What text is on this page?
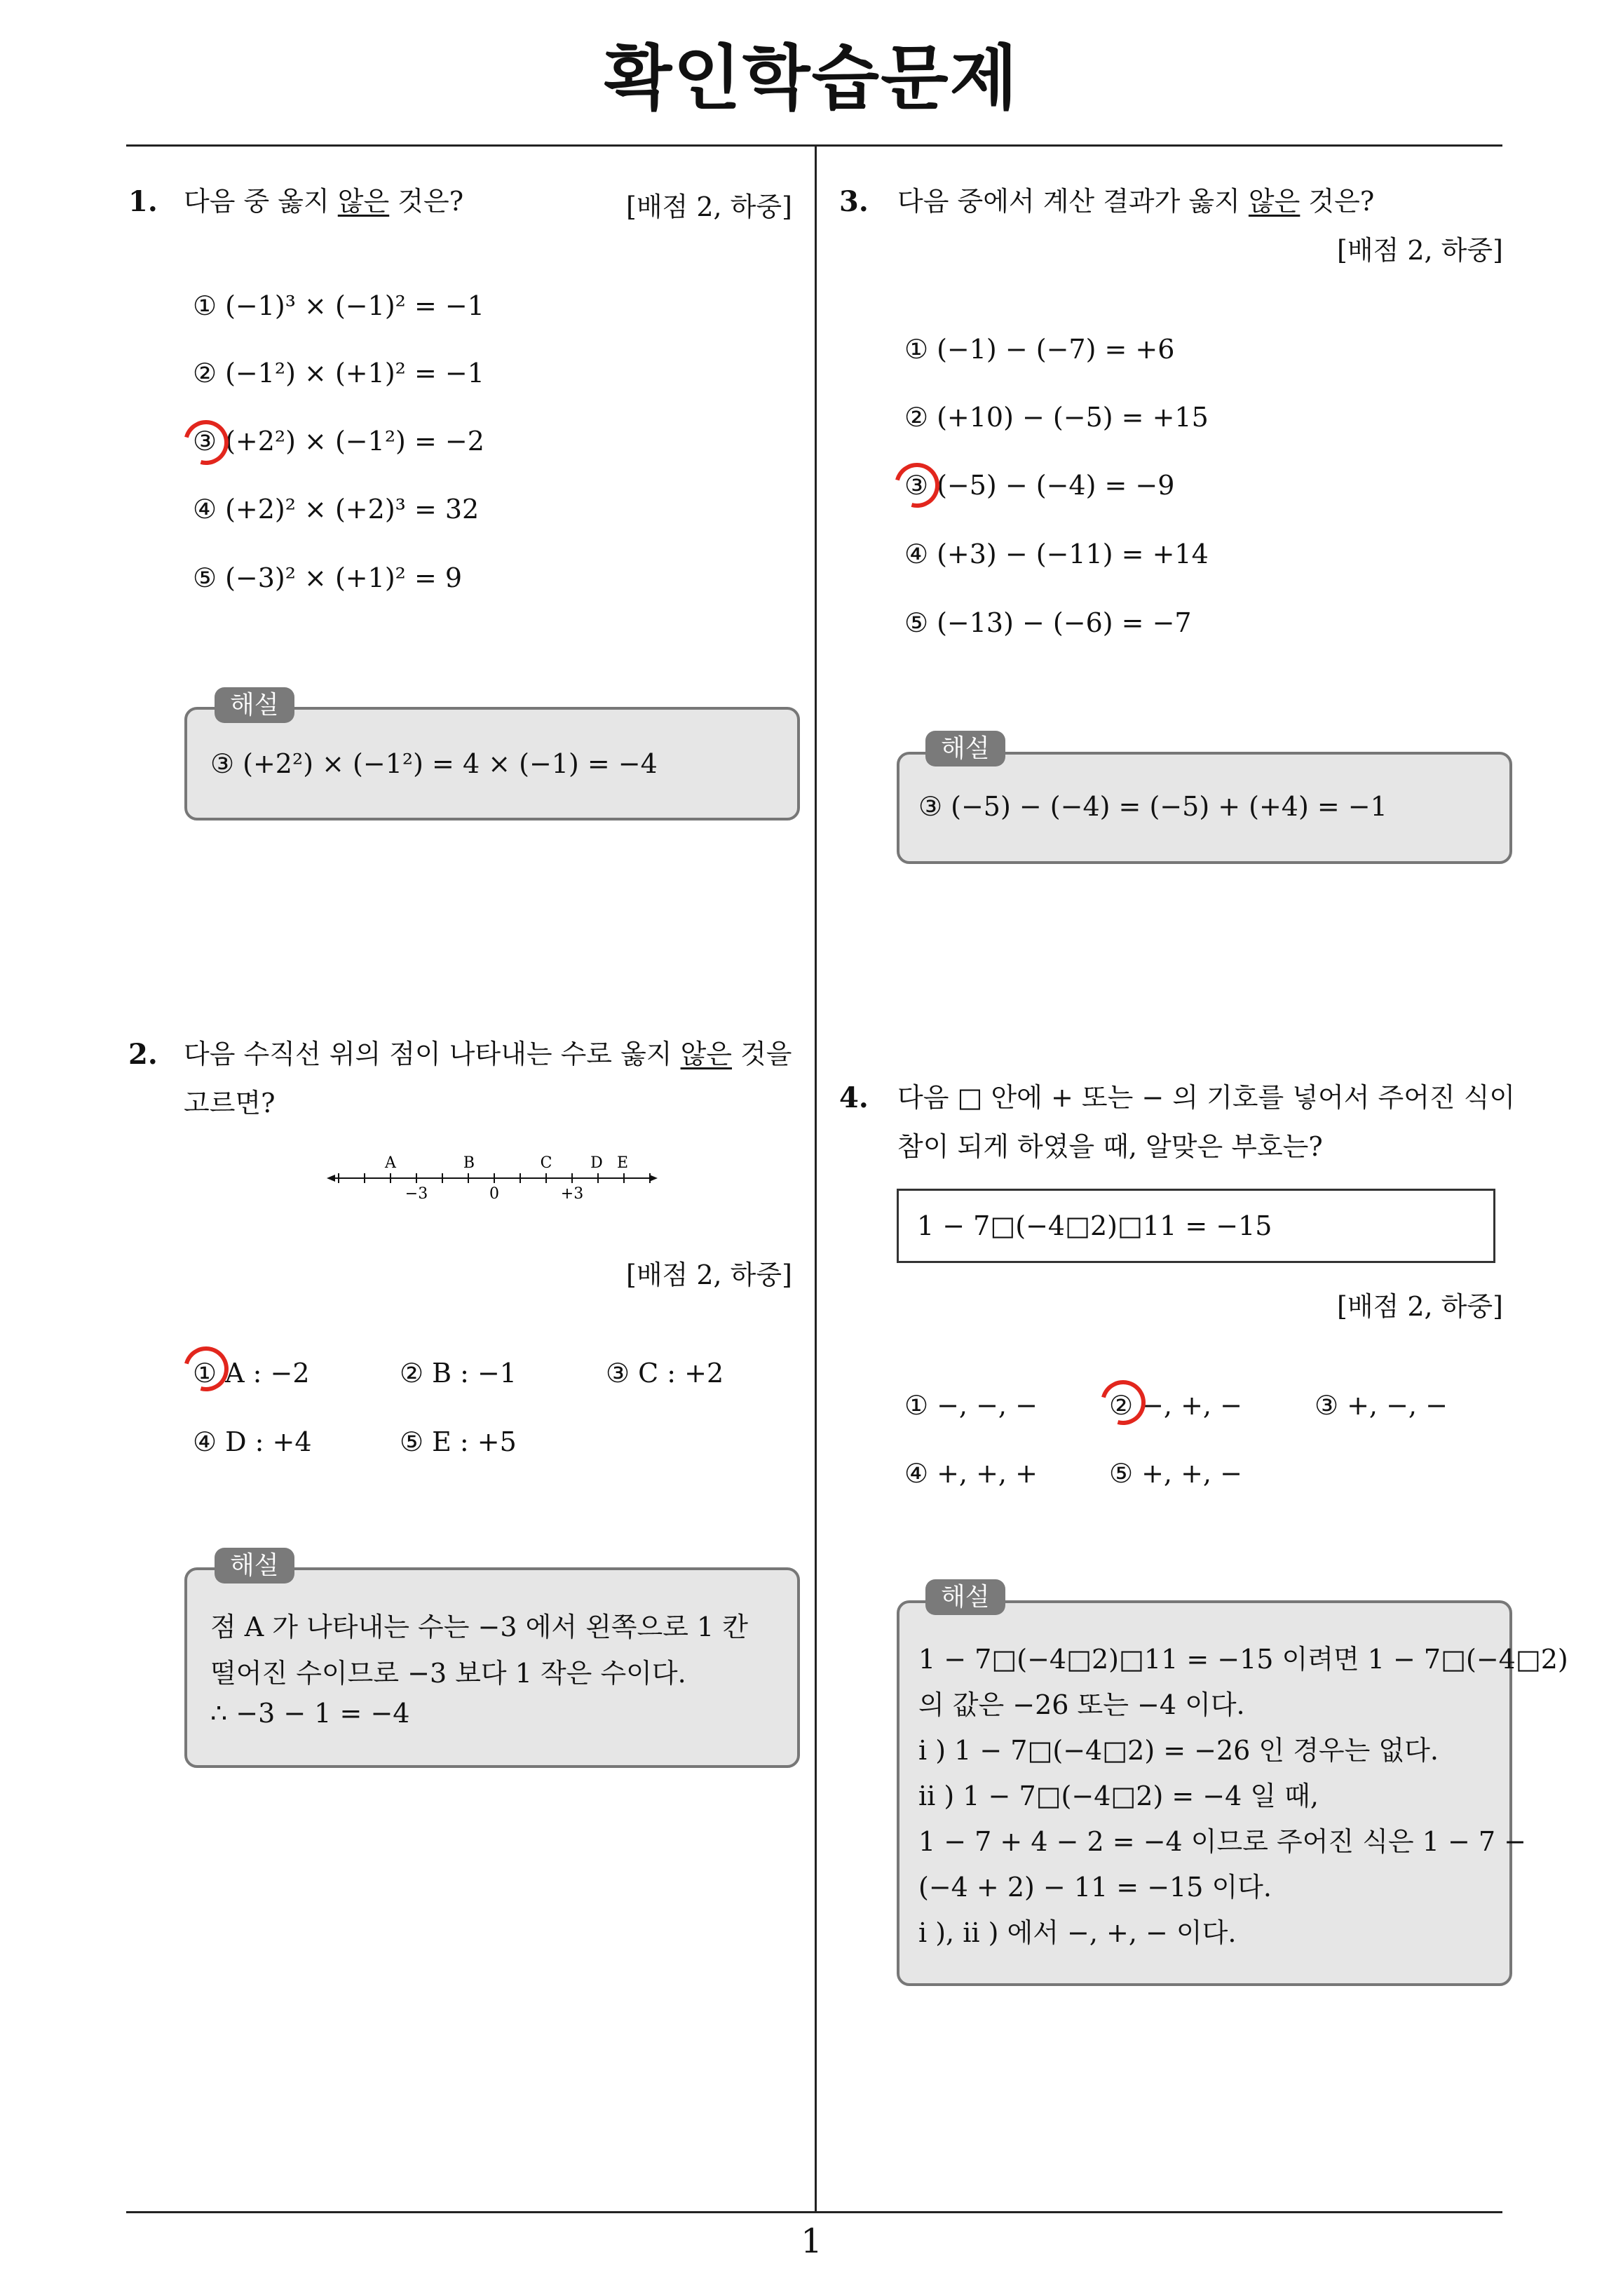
확인학습문제
1. 다음 중 옳지 않은 것은?	[배점 2, 하중]
① (−1)³ × (−1)² = −1
② (−1²) × (+1)² = −1
③ (+2²) × (−1²) = −2
④ (+2)² × (+2)³ = 32
⑤ (−3)² × (+1)² = 9
해설
③ (+2²) × (−1²) = 4 × (−1) = −4
2. 다음 수직선 위의 점이 나타내는 수로 옳지 않은 것을
고르면?
A	B	C D E
−3	0	+3
[배점 2, 하중]
① A : −2	② B : −1	③ C : +2
④ D : +4	⑤ E : +5
해설
점 A 가 나타내는 수는 −3 에서 왼쪽으로 1 칸
떨어진 수이므로 −3 보다 1 작은 수이다.
∴ −3 − 1 = −4
3. 다음 중에서 계산 결과가 옳지 않은 것은?
[배점 2, 하중]
① (−1) − (−7) = +6
② (+10) − (−5) = +15
③ (−5) − (−4) = −9
④ (+3) − (−11) = +14
⑤ (−13) − (−6) = −7
해설
③ (−5) − (−4) = (−5) + (+4) = −1
4. 다음 □ 안에 + 또는 − 의 기호를 넣어서 주어진 식이
참이 되게 하였을 때, 알맞은 부호는?
1 − 7□(−4□2)□11 = −15
[배점 2, 하중]
① −, −, −	② −, +, −	③ +, −, −
④ +, +, +	⑤ +, +, −
해설
1 − 7□(−4□2)□11 = −15 이려면 1 − 7□(−4□2)
의 값은 −26 또는 −4 이다.
i ) 1 − 7□(−4□2) = −26 인 경우는 없다.
ii ) 1 − 7□(−4□2) = −4 일 때,
1 − 7 + 4 − 2 = −4 이므로 주어진 식은 1 − 7 −
(−4 + 2) − 11 = −15 이다.
i ), ii ) 에서 −, +, − 이다.
1
